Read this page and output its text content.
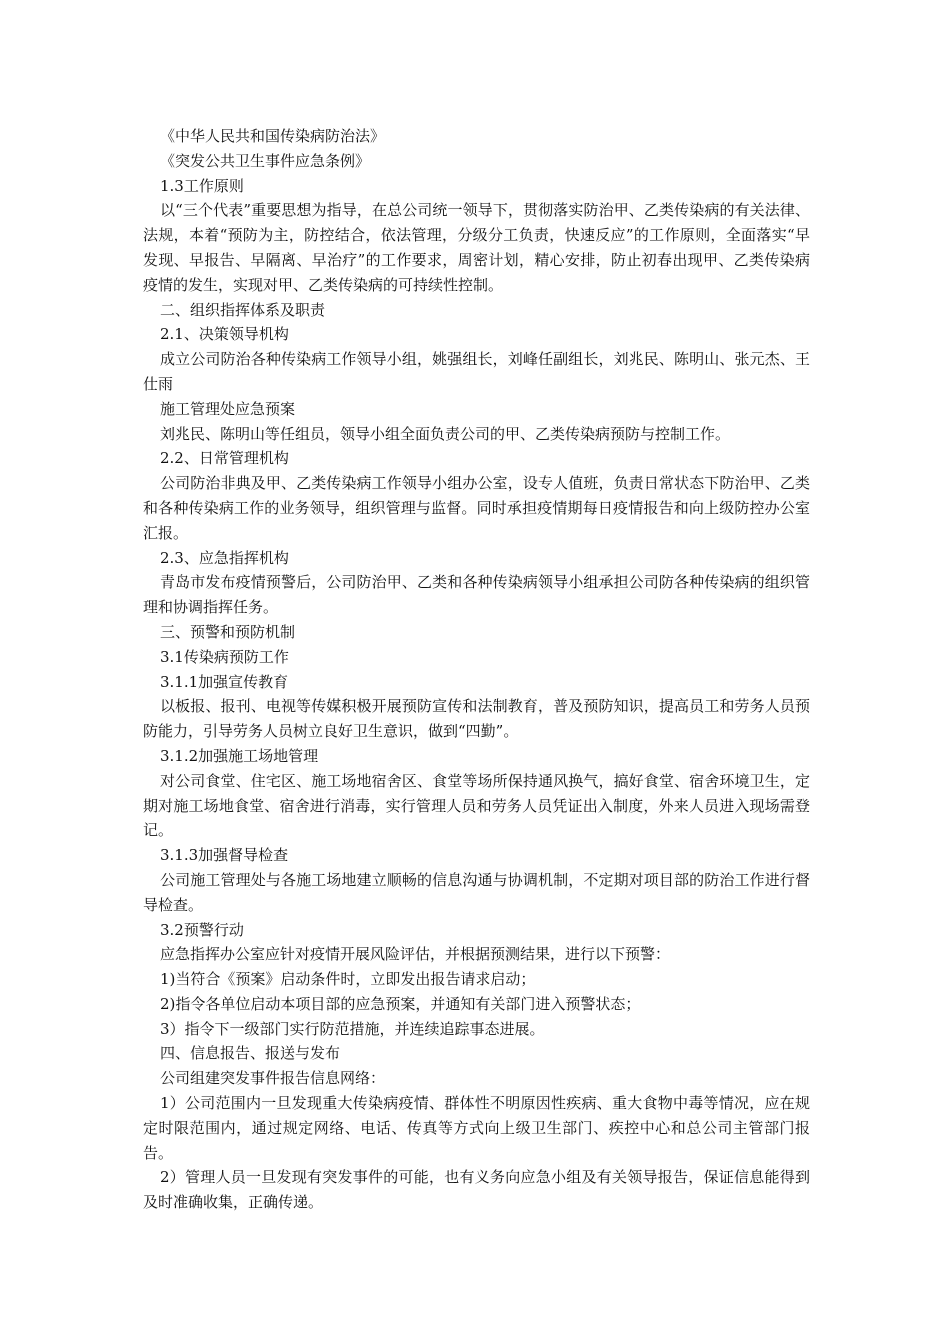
《中华人民共和国传染病防治法》

《突发公共卫生事件应急条例》

1.3工作原则

以“三个代表”重要思想为指导，在总公司统一领导下，贯彻落实防治甲、乙类传染病的有关法律、法规，本着“预防为主，防控结合，依法管理，分级分工负责，快速反应”的工作原则，全面落实“早发现、早报告、早隔离、早治疗”的工作要求，周密计划，精心安排，防止初春出现甲、乙类传染病疫情的发生，实现对甲、乙类传染病的可持续性控制。

二、组织指挥体系及职责

2.1、决策领导机构

成立公司防治各种传染病工作领导小组，姚强组长，刘峰任副组长，刘兆民、陈明山、张元杰、王仕雨

施工管理处应急预案

刘兆民、陈明山等任组员，领导小组全面负责公司的甲、乙类传染病预防与控制工作。

2.2、日常管理机构

公司防治非典及甲、乙类传染病工作领导小组办公室，设专人值班，负责日常状态下防治甲、乙类和各种传染病工作的业务领导，组织管理与监督。同时承担疫情期每日疫情报告和向上级防控办公室汇报。

2.3、应急指挥机构

青岛市发布疫情预警后，公司防治甲、乙类和各种传染病领导小组承担公司防各种传染病的组织管理和协调指挥任务。

三、预警和预防机制

3.1传染病预防工作

3.1.1加强宣传教育

以板报、报刊、电视等传媒积极开展预防宣传和法制教育，普及预防知识，提高员工和劳务人员预防能力，引导劳务人员树立良好卫生意识，做到“四勤”。

3.1.2加强施工场地管理

对公司食堂、住宅区、施工场地宿舍区、食堂等场所保持通风换气，搞好食堂、宿舍环境卫生，定期对施工场地食堂、宿舍进行消毒，实行管理人员和劳务人员凭证出入制度，外来人员进入现场需登记。

3.1.3加强督导检查

公司施工管理处与各施工场地建立顺畅的信息沟通与协调机制，不定期对项目部的防治工作进行督导检查。

3.2预警行动

应急指挥办公室应针对疫情开展风险评估，并根据预测结果，进行以下预警：

1)当符合《预案》启动条件时，立即发出报告请求启动；

2)指令各单位启动本项目部的应急预案，并通知有关部门进入预警状态；

3）指令下一级部门实行防范措施，并连续追踪事态进展。

四、信息报告、报送与发布

公司组建突发事件报告信息网络：

1）公司范围内一旦发现重大传染病疫情、群体性不明原因性疾病、重大食物中毒等情况，应在规定时限范围内，通过规定网络、电话、传真等方式向上级卫生部门、疾控中心和总公司主管部门报告。

2）管理人员一旦发现有突发事件的可能，也有义务向应急小组及有关领导报告，保证信息能得到及时准确收集，正确传递。
